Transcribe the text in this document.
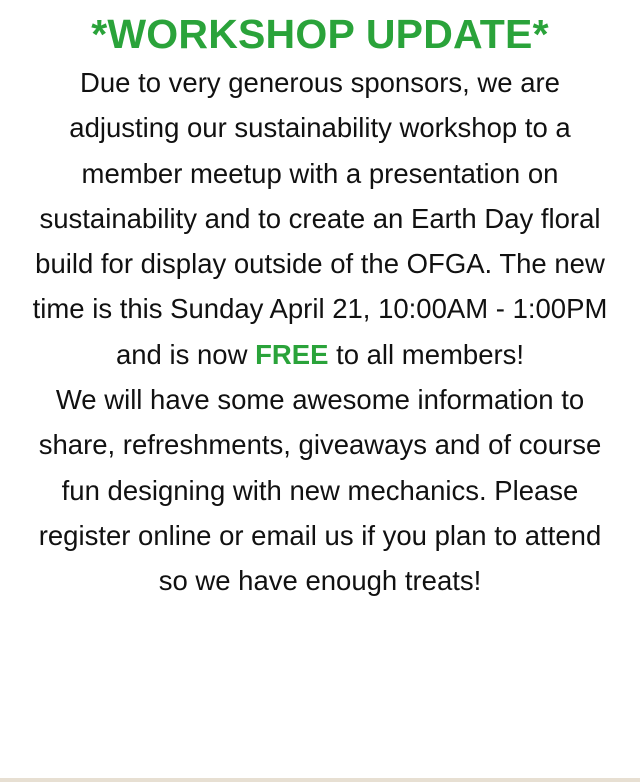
*WORKSHOP UPDATE*

Due to very generous sponsors, we are adjusting our sustainability workshop to a member meetup with a presentation on sustainability and to create an Earth Day floral build for display outside of the OFGA. The new time is this Sunday April 21, 10:00AM - 1:00PM and is now FREE to all members!

We will have some awesome information to share, refreshments, giveaways and of course fun designing with new mechanics. Please register online or email us if you plan to attend so we have enough treats!
